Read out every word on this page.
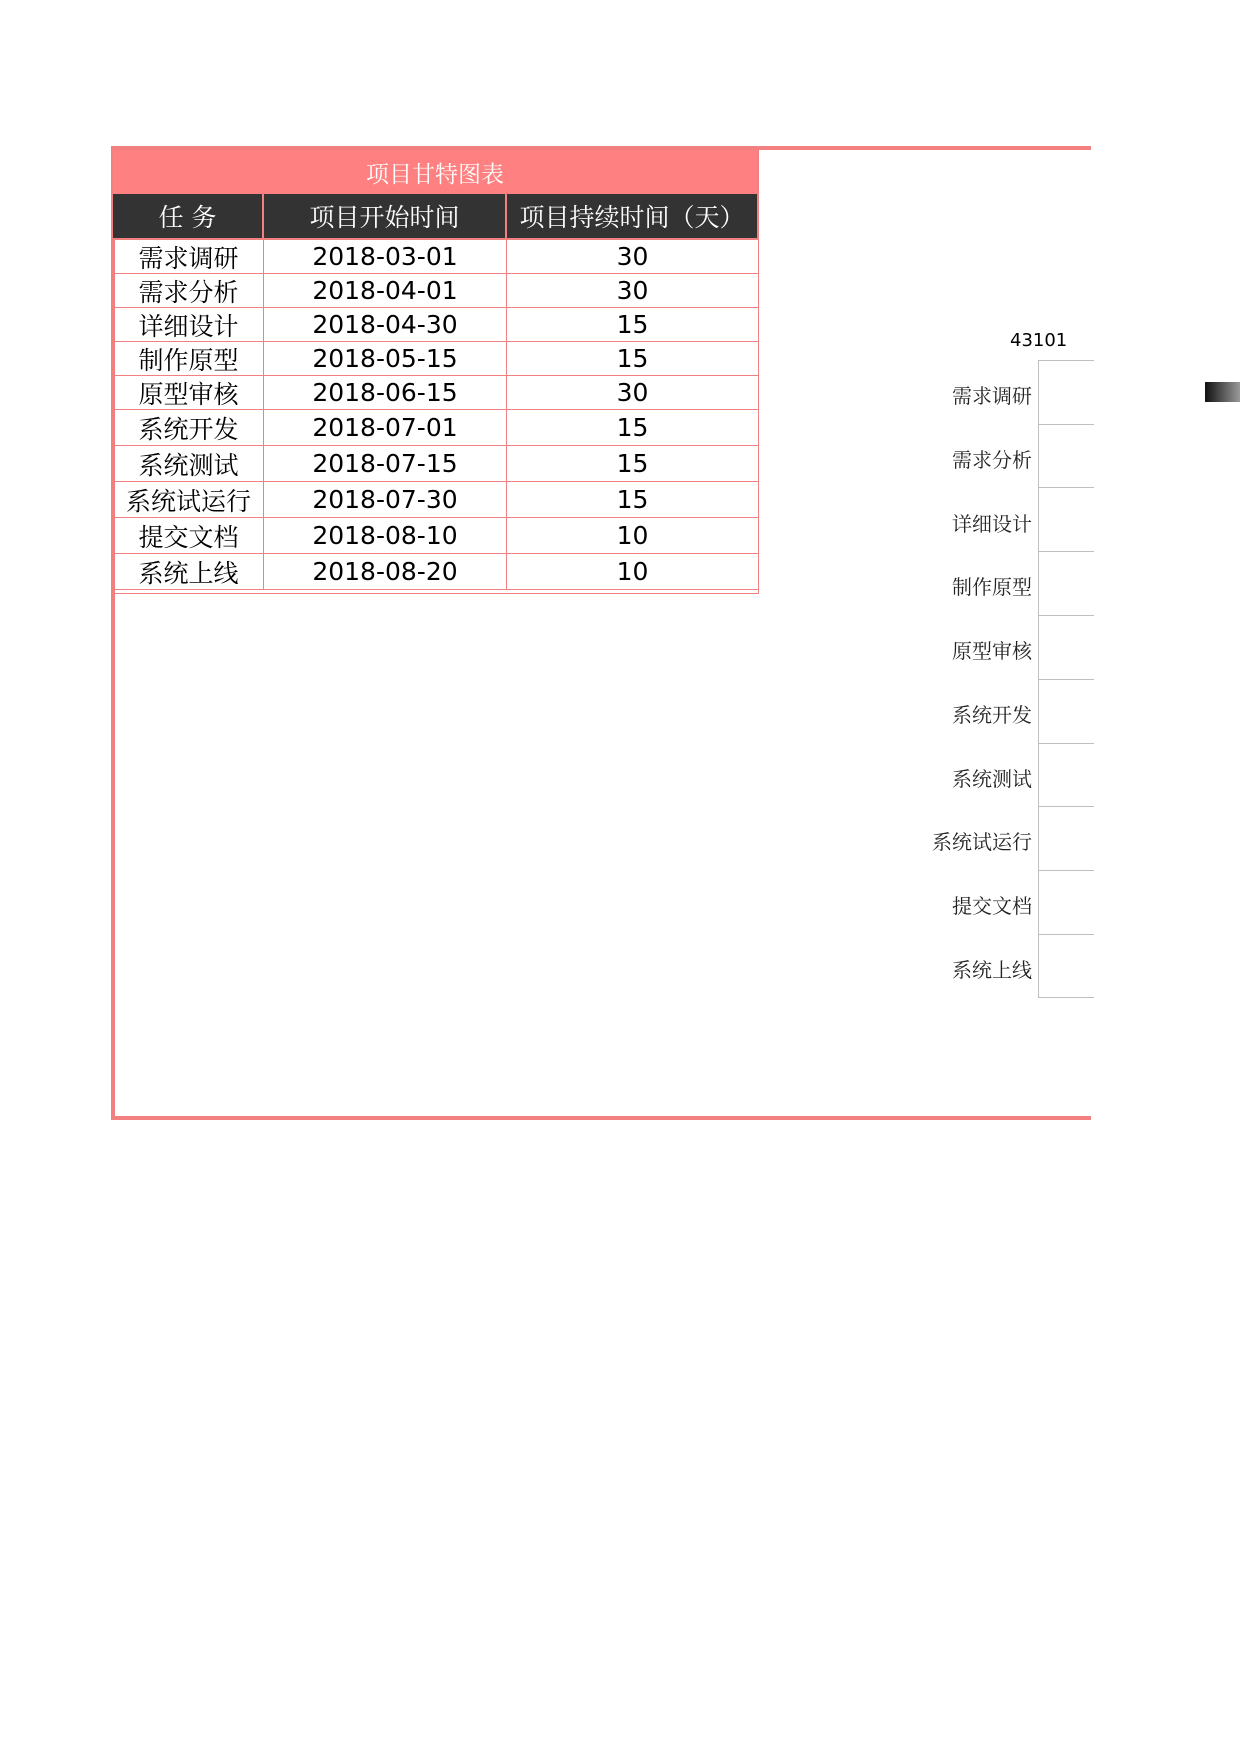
项目甘特图表
任 务	项目开始时间	项目持续时间（天）
需求调研	2018-03-01	30
需求分析	2018-04-01	30
详细设计	2018-04-30	15
制作原型	2018-05-15	15
原型审核	2018-06-15	30
系统开发	2018-07-01	15
系统测试	2018-07-15	15
系统试运行	2018-07-30	15
提交文档	2018-08-10	10
系统上线	2018-08-20	10
43101
需求调研
需求分析
详细设计
制作原型
原型审核
系统开发
系统测试
系统试运行
提交文档
系统上线
